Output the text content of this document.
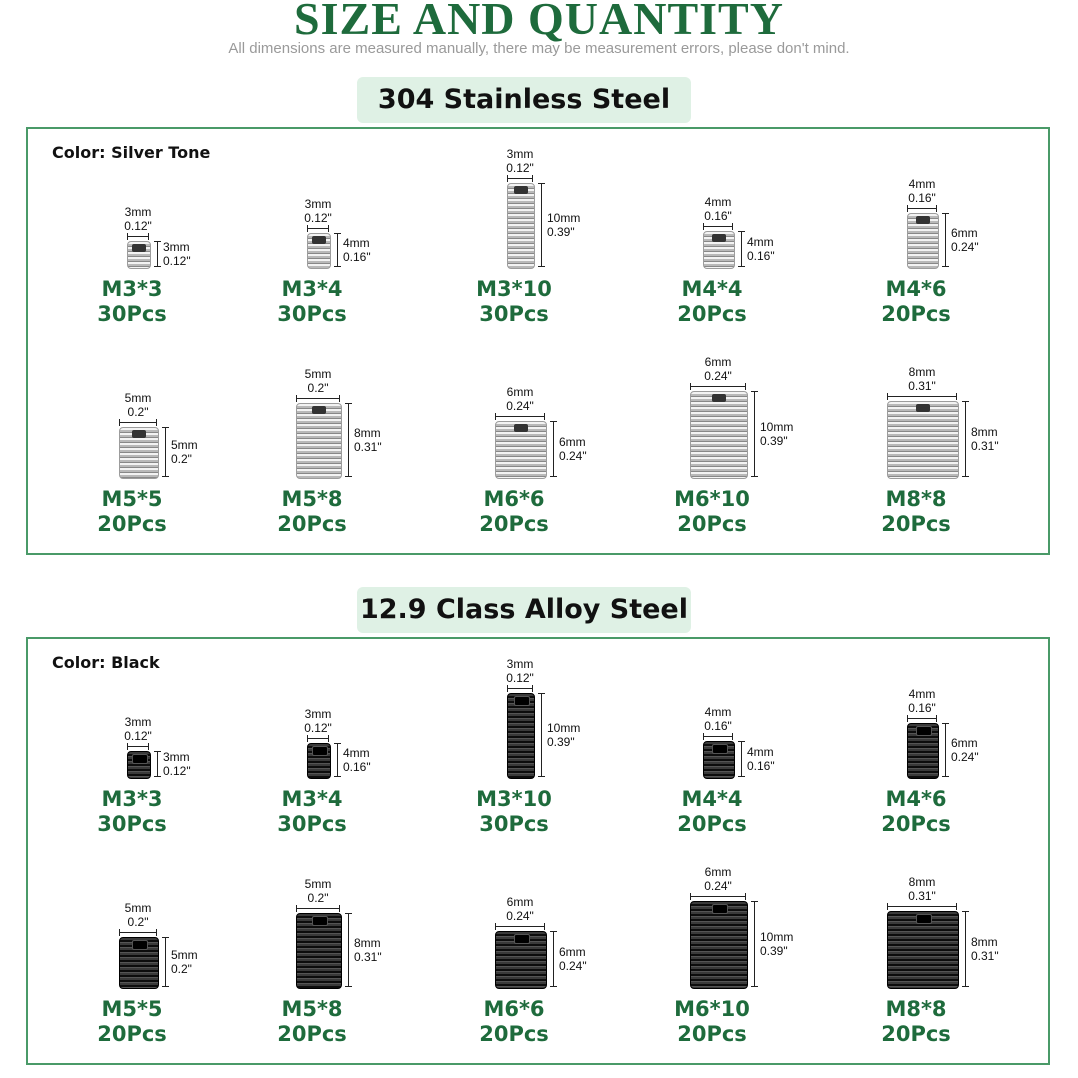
SIZE AND QUANTITY
All dimensions are measured manually, there may be measurement errors, please don't mind.
304 Stainless Steel
Color: Silver Tone
12.9 Class Alloy Steel
Color: Black
3mm
0.12"
3mm
0.12"
M3*3
30Pcs
3mm
0.12"
4mm
0.16"
M3*4
30Pcs
3mm
0.12"
10mm
0.39"
M3*10
30Pcs
4mm
0.16"
4mm
0.16"
M4*4
20Pcs
4mm
0.16"
6mm
0.24"
M4*6
20Pcs
5mm
0.2"
5mm
0.2"
M5*5
20Pcs
5mm
0.2"
8mm
0.31"
M5*8
20Pcs
6mm
0.24"
6mm
0.24"
M6*6
20Pcs
6mm
0.24"
10mm
0.39"
M6*10
20Pcs
8mm
0.31"
8mm
0.31"
M8*8
20Pcs
3mm
0.12"
3mm
0.12"
M3*3
30Pcs
3mm
0.12"
4mm
0.16"
M3*4
30Pcs
3mm
0.12"
10mm
0.39"
M3*10
30Pcs
4mm
0.16"
4mm
0.16"
M4*4
20Pcs
4mm
0.16"
6mm
0.24"
M4*6
20Pcs
5mm
0.2"
5mm
0.2"
M5*5
20Pcs
5mm
0.2"
8mm
0.31"
M5*8
20Pcs
6mm
0.24"
6mm
0.24"
M6*6
20Pcs
6mm
0.24"
10mm
0.39"
M6*10
20Pcs
8mm
0.31"
8mm
0.31"
M8*8
20Pcs
